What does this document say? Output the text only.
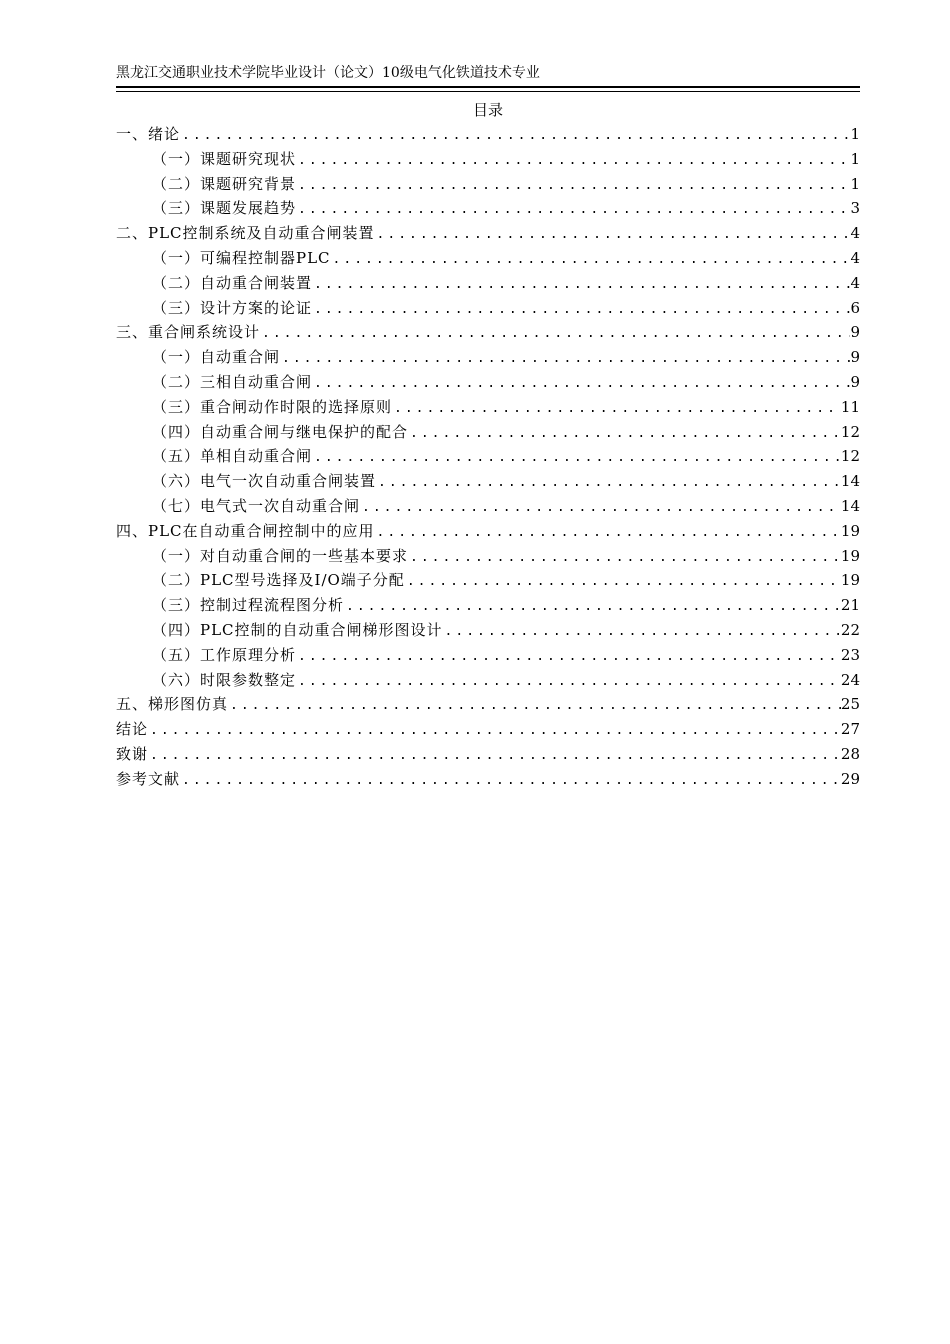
黑龙江交通职业技术学院毕业设计（论文）10级电气化铁道技术专业
目录
一、绪论 .....	1
（一）课题研究现状 .....	1
（二）课题研究背景 .....	1
（三）课题发展趋势 .....	3
二、PLC控制系统及自动重合闸装置 .....	4
（一）可编程控制器PLC .....	4
（二）自动重合闸装置 .....	4
（三）设计方案的论证 .....	6
三、重合闸系统设计 .....	9
（一）自动重合闸 .....	9
（二）三相自动重合闸 .....	9
（三）重合闸动作时限的选择原则 .....	11
（四）自动重合闸与继电保护的配合 .....	12
（五）单相自动重合闸 .....	12
（六）电气一次自动重合闸装置 .....	14
（七）电气式一次自动重合闸 .....	14
四、PLC在自动重合闸控制中的应用 .....	19
（一）对自动重合闸的一些基本要求 .....	19
（二）PLC型号选择及I/O端子分配 .....	19
（三）控制过程流程图分析 .....	21
（四）PLC控制的自动重合闸梯形图设计 .....	22
（五）工作原理分析 .....	23
（六）时限参数整定 .....	24
五、梯形图仿真 .....	25
结论 .....	27
致谢 .....	28
参考文献 .....	29
